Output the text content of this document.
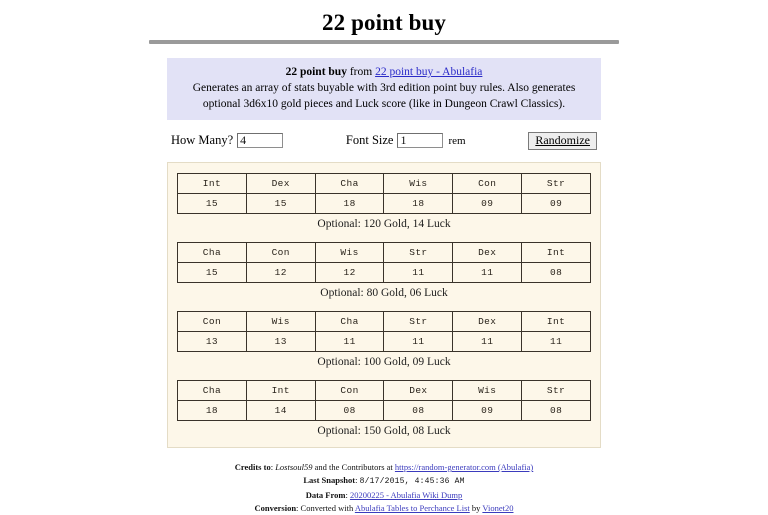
22 point buy
22 point buy from 22 point buy - Abulafia
Generates an array of stats buyable with 3rd edition point buy rules. Also generates optional 3d6x10 gold pieces and Luck score (like in Dungeon Crawl Classics).
How Many?
4	Font Size
1	rem	Randomize
Int	Dex	Cha	Wis	Con	Str
15	15	18	18	09	09
Optional: 120 Gold, 14 Luck
Cha	Con	Wis	Str	Dex	Int
15	12	12	11	11	08
Optional: 80 Gold, 06 Luck
Con	Wis	Cha	Str	Dex	Int
13	13	11	11	11	11
Optional: 100 Gold, 09 Luck
Cha	Int	Con	Dex	Wis	Str
18	14	08	08	09	08
Optional: 150 Gold, 08 Luck
Credits to: Lostsoul59 and the Contributors at https://random-generator.com (Abulafia)
Last Snapshot: 8/17/2015, 4:45:36 AM
Data From: 20200225 - Abulafia Wiki Dump
Conversion: Converted with Abulafia Tables to Perchance List by Vionet20
